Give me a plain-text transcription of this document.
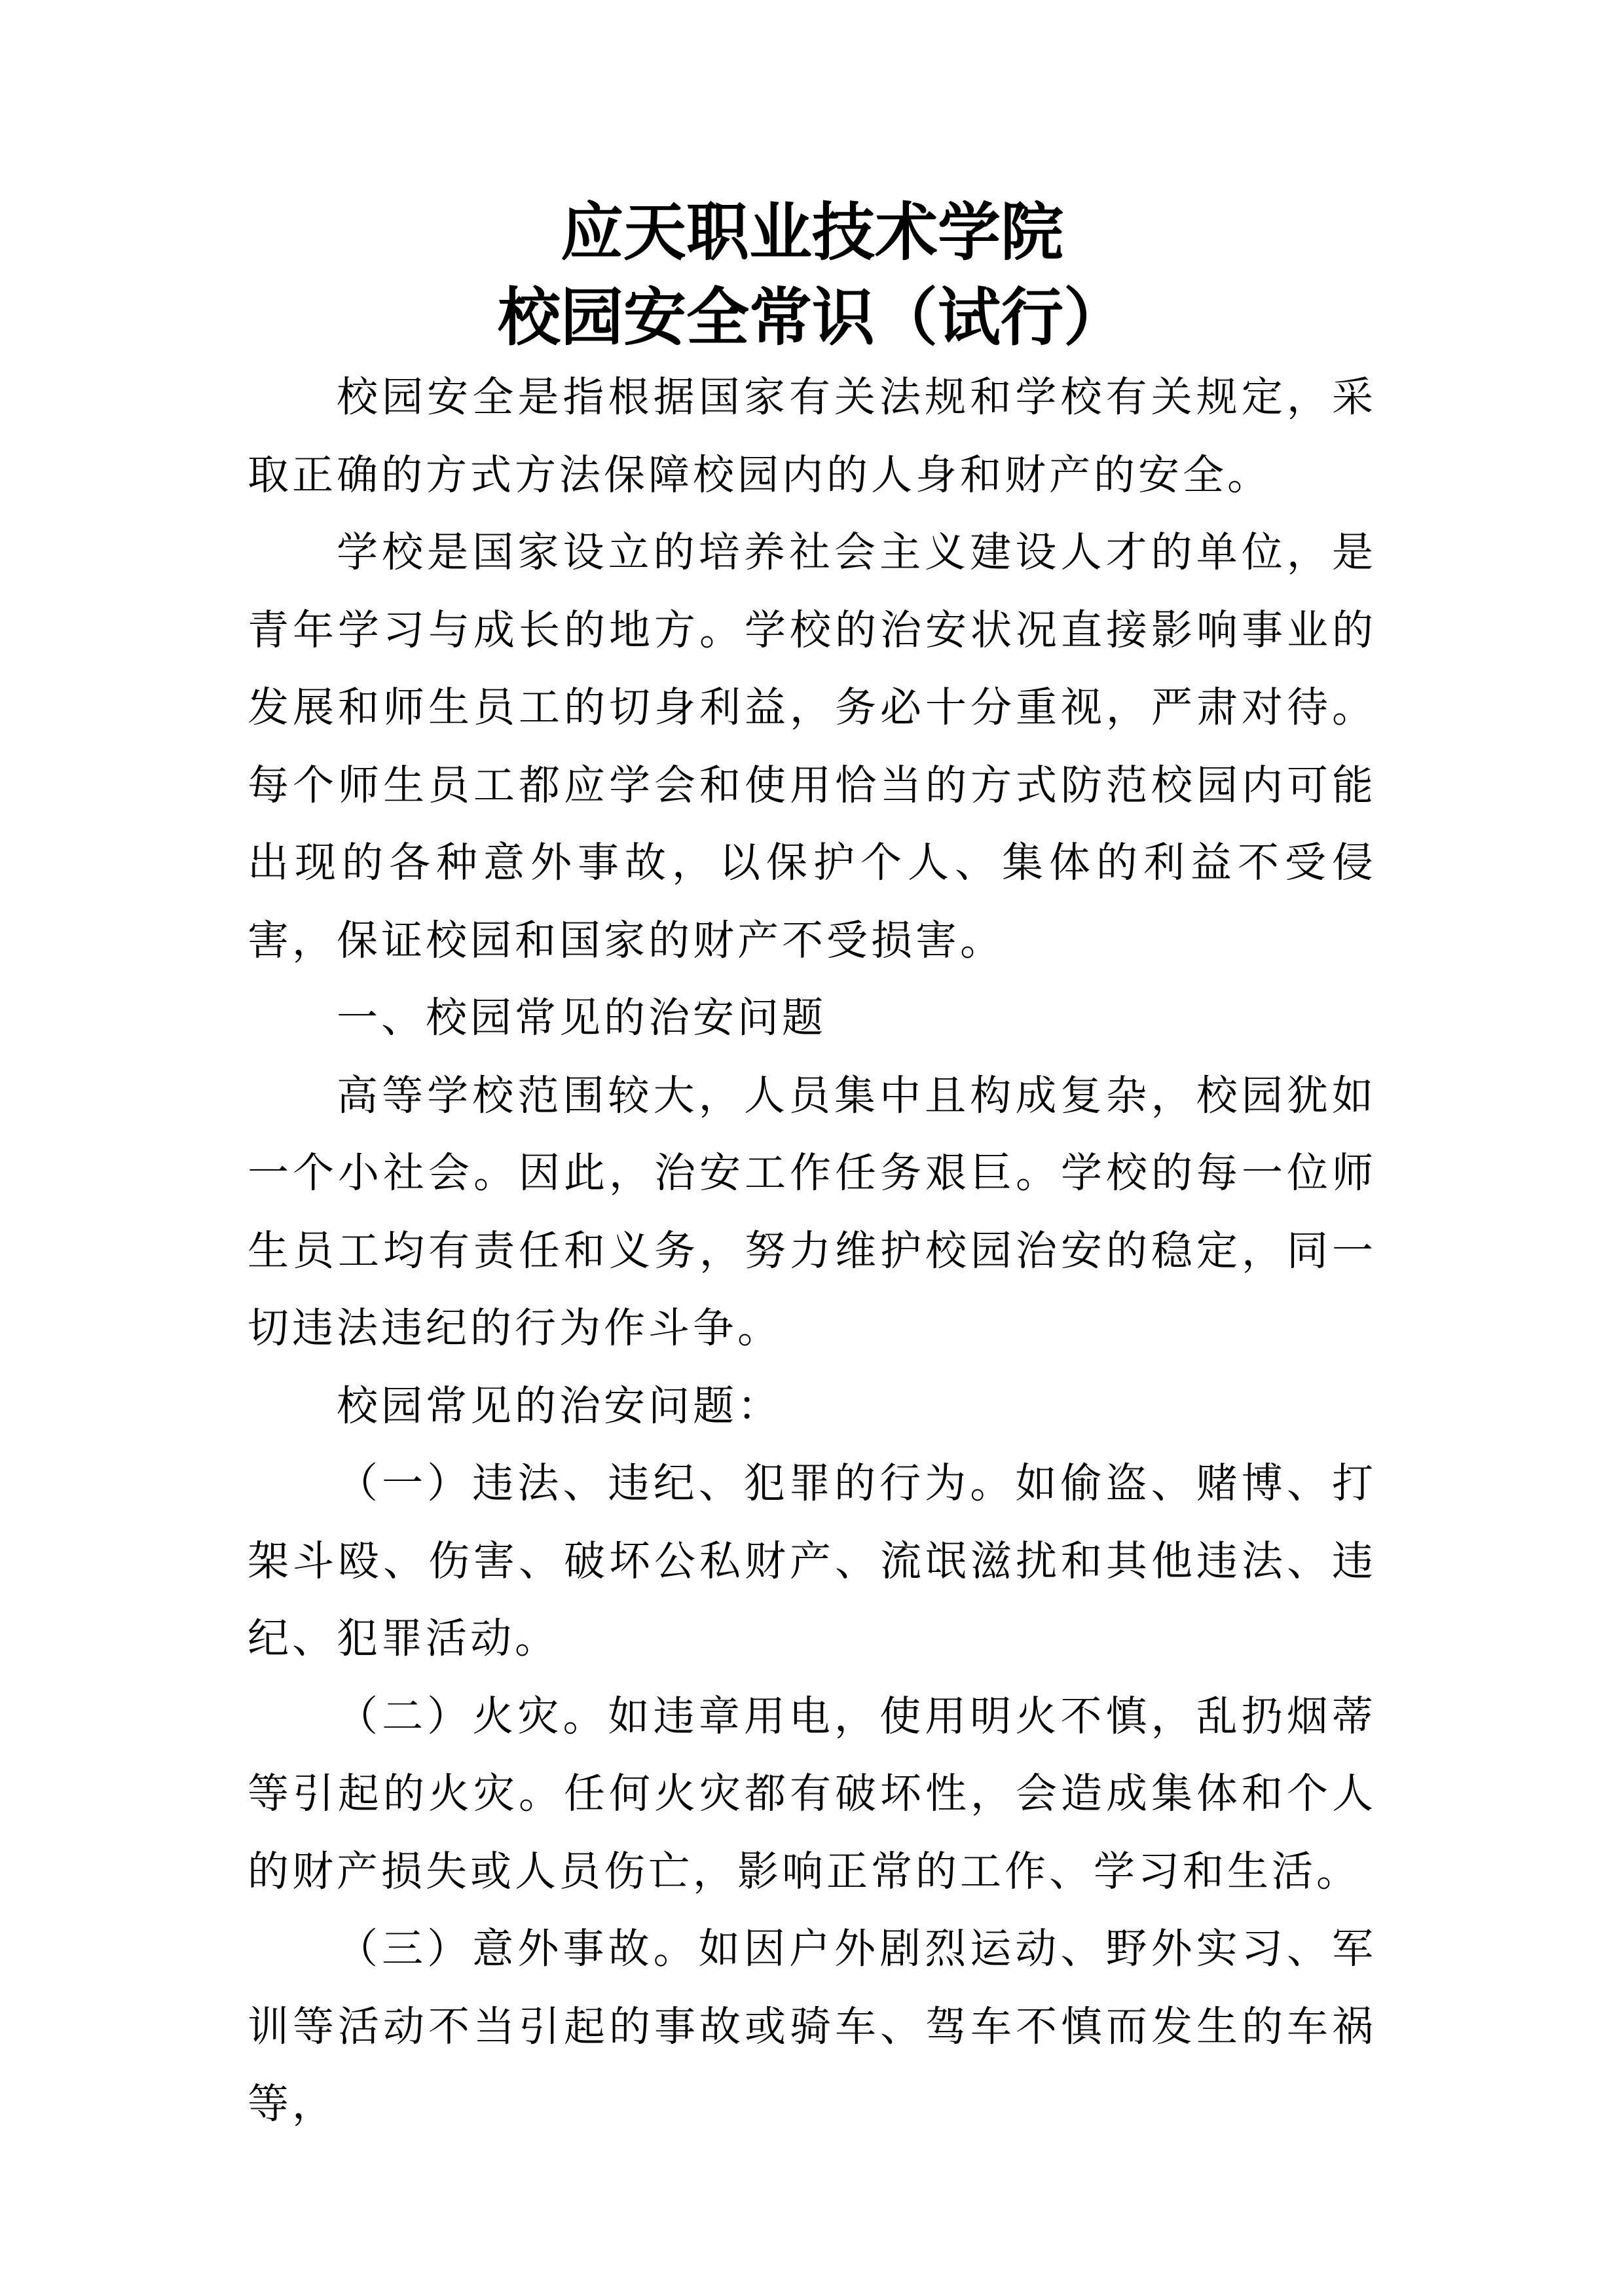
应天职业技术学院
校园安全常识（试行）

校园安全是指根据国家有关法规和学校有关规定，采取正确的方式方法保障校园内的人身和财产的安全。

学校是国家设立的培养社会主义建设人才的单位，是青年学习与成长的地方。学校的治安状况直接影响事业的发展和师生员工的切身利益，务必十分重视，严肃对待。每个师生员工都应学会和使用恰当的方式防范校园内可能出现的各种意外事故，以保护个人、集体的利益不受侵害，保证校园和国家的财产不受损害。

一、校园常见的治安问题

高等学校范围较大，人员集中且构成复杂，校园犹如一个小社会。因此，治安工作任务艰巨。学校的每一位师生员工均有责任和义务，努力维护校园治安的稳定，同一切违法违纪的行为作斗争。

校园常见的治安问题：

（一）违法、违纪、犯罪的行为。如偷盗、赌博、打架斗殴、伤害、破坏公私财产、流氓滋扰和其他违法、违纪、犯罪活动。

（二）火灾。如违章用电，使用明火不慎，乱扔烟蒂等引起的火灾。任何火灾都有破坏性，会造成集体和个人的财产损失或人员伤亡，影响正常的工作、学习和生活。

（三）意外事故。如因户外剧烈运动、野外实习、军训等活动不当引起的事故或骑车、驾车不慎而发生的车祸等，
